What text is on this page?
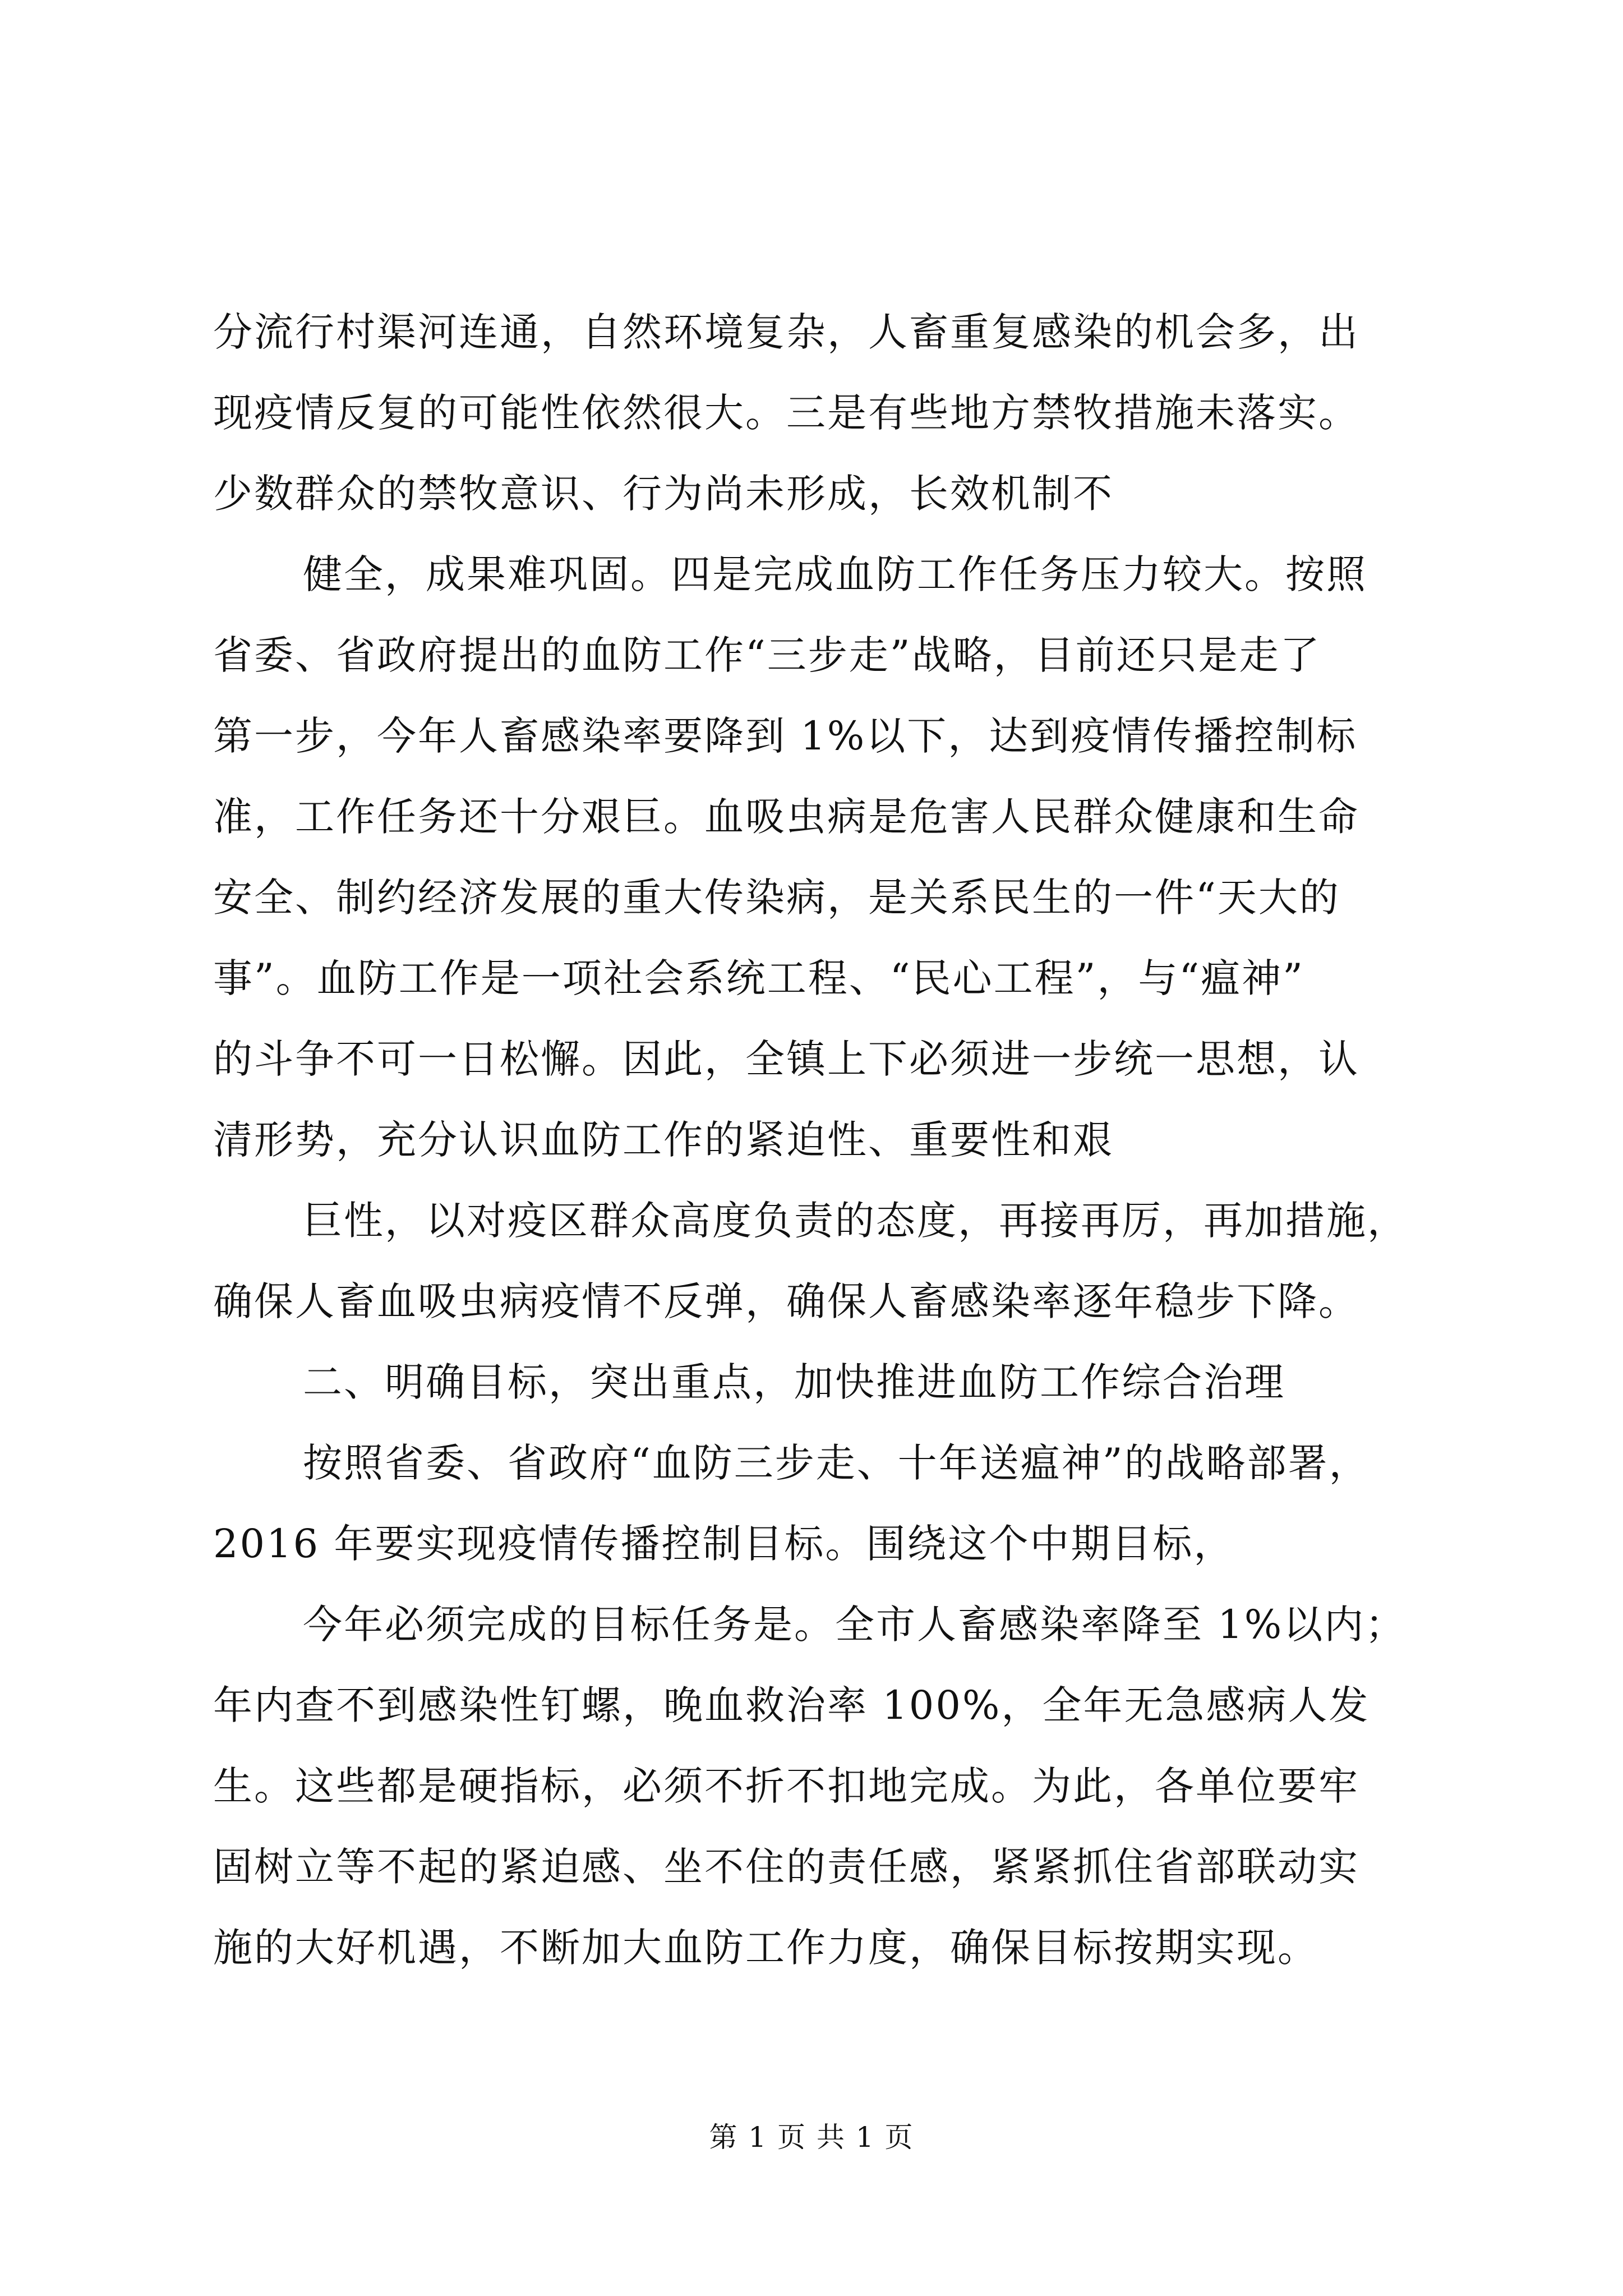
分流行村渠河连通，自然环境复杂，人畜重复感染的机会多，出
现疫情反复的可能性依然很大。三是有些地方禁牧措施未落实。
少数群众的禁牧意识、行为尚未形成，长效机制不
健全，成果难巩固。四是完成血防工作任务压力较大。按照
省委、省政府提出的血防工作“三步走”战略，目前还只是走了
第一步，今年人畜感染率要降到 1%以下，达到疫情传播控制标
准，工作任务还十分艰巨。血吸虫病是危害人民群众健康和生命
安全、制约经济发展的重大传染病，是关系民生的一件“天大的
事”。血防工作是一项社会系统工程、“民心工程”，与“瘟神”
的斗争不可一日松懈。因此，全镇上下必须进一步统一思想，认
清形势，充分认识血防工作的紧迫性、重要性和艰
巨性，以对疫区群众高度负责的态度，再接再厉，再加措施，
确保人畜血吸虫病疫情不反弹，确保人畜感染率逐年稳步下降。
二、明确目标，突出重点，加快推进血防工作综合治理
按照省委、省政府“血防三步走、十年送瘟神”的战略部署，
2016 年要实现疫情传播控制目标。围绕这个中期目标，
今年必须完成的目标任务是。全市人畜感染率降至 1%以内；
年内查不到感染性钉螺，晚血救治率 100%，全年无急感病人发
生。这些都是硬指标，必须不折不扣地完成。为此，各单位要牢
固树立等不起的紧迫感、坐不住的责任感，紧紧抓住省部联动实
施的大好机遇，不断加大血防工作力度，确保目标按期实现。
第 1 页 共 1 页
